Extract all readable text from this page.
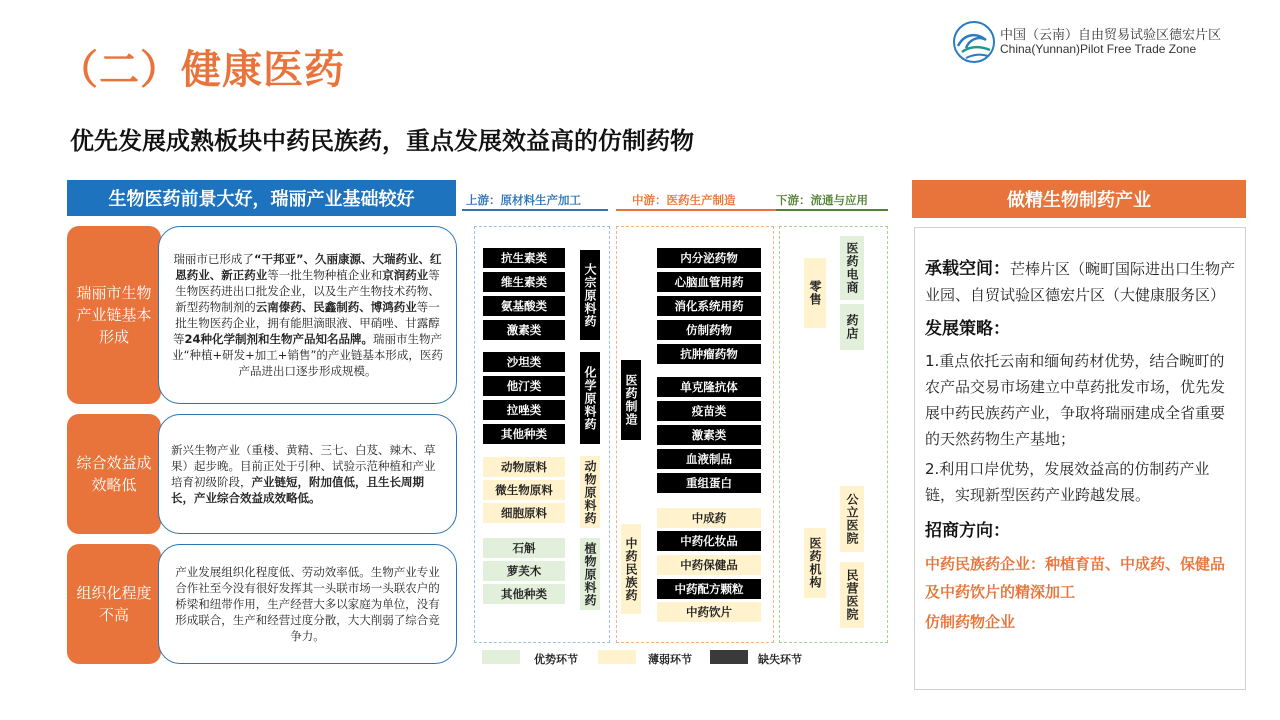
（二）健康医药
中国（云南）自由贸易试验区德宏片区
China(Yunnan)Pilot Free Trade Zone
优先发展成熟板块中药民族药，重点发展效益高的仿制药物
生物医药前景大好，瑞丽产业基础较好
瑞丽市生物产业链基本形成
瑞丽市已形成了“干邦亚”、久丽康源、大瑞药业、红恩药业、新正药业等一批生物种植企业和京润药业等生物医药进出口批发企业，以及生产生物技术药物、新型药物制剂的云南傣药、民鑫制药、博鸿药业等一批生物医药企业，拥有能胆滴眼液、甲硝唑、甘露醇等24种化学制剂和生物产品知名品牌。瑞丽市生物产业“种植+研发+加工+销售”的产业链基本形成，医药产品进出口逐步形成规模。
综合效益成效略低
新兴生物产业（重楼、黄精、三七、白芨、辣木、草果）起步晚。目前正处于引种、试验示范种植和产业培育初级阶段，产业链短，附加值低，且生长周期长，产业综合效益成效略低。
组织化程度不高
产业发展组织化程度低、劳动效率低。生物产业专业合作社至今没有很好发挥其一头联市场一头联农户的桥梁和纽带作用，生产经营大多以家庭为单位，没有形成联合，生产和经营过度分散，大大削弱了综合竞争力。
上游：原材料生产加工	中游：医药生产制造	下游：流通与应用
抗生素类
维生素类
氨基酸类
激素类
大宗原料药
沙坦类
他汀类
拉唑类
其他种类
化学原料药
动物原料
微生物原料
细胞原料	动物原料药
石斛
萝芙木
其他种类	植物原料药
医药制造
中药民族药
内分泌药物
心脑血管用药
消化系统用药
仿制药物
抗肿瘤药物
单克隆抗体
疫苗类
激素类
血液制品
重组蛋白
中成药
中药化妆品
中药保健品
中药配方颗粒
中药饮片
零售	医药电商
药店
医药机构
公立医院
民营医院
优势环节	薄弱环节	缺失环节
做精生物制药产业
承载空间：芒棒片区（畹町国际进出口生物产业园、自贸试验区德宏片区（大健康服务区）
发展策略：
1.重点依托云南和缅甸药材优势，结合畹町的农产品交易市场建立中草药批发市场，优先发展中药民族药产业，争取将瑞丽建成全省重要的天然药物生产基地；
2.利用口岸优势，发展效益高的仿制药产业链，实现新型医药产业跨越发展。
招商方向：
中药民族药企业：种植育苗、中成药、保健品及中药饮片的精深加工
仿制药物企业
